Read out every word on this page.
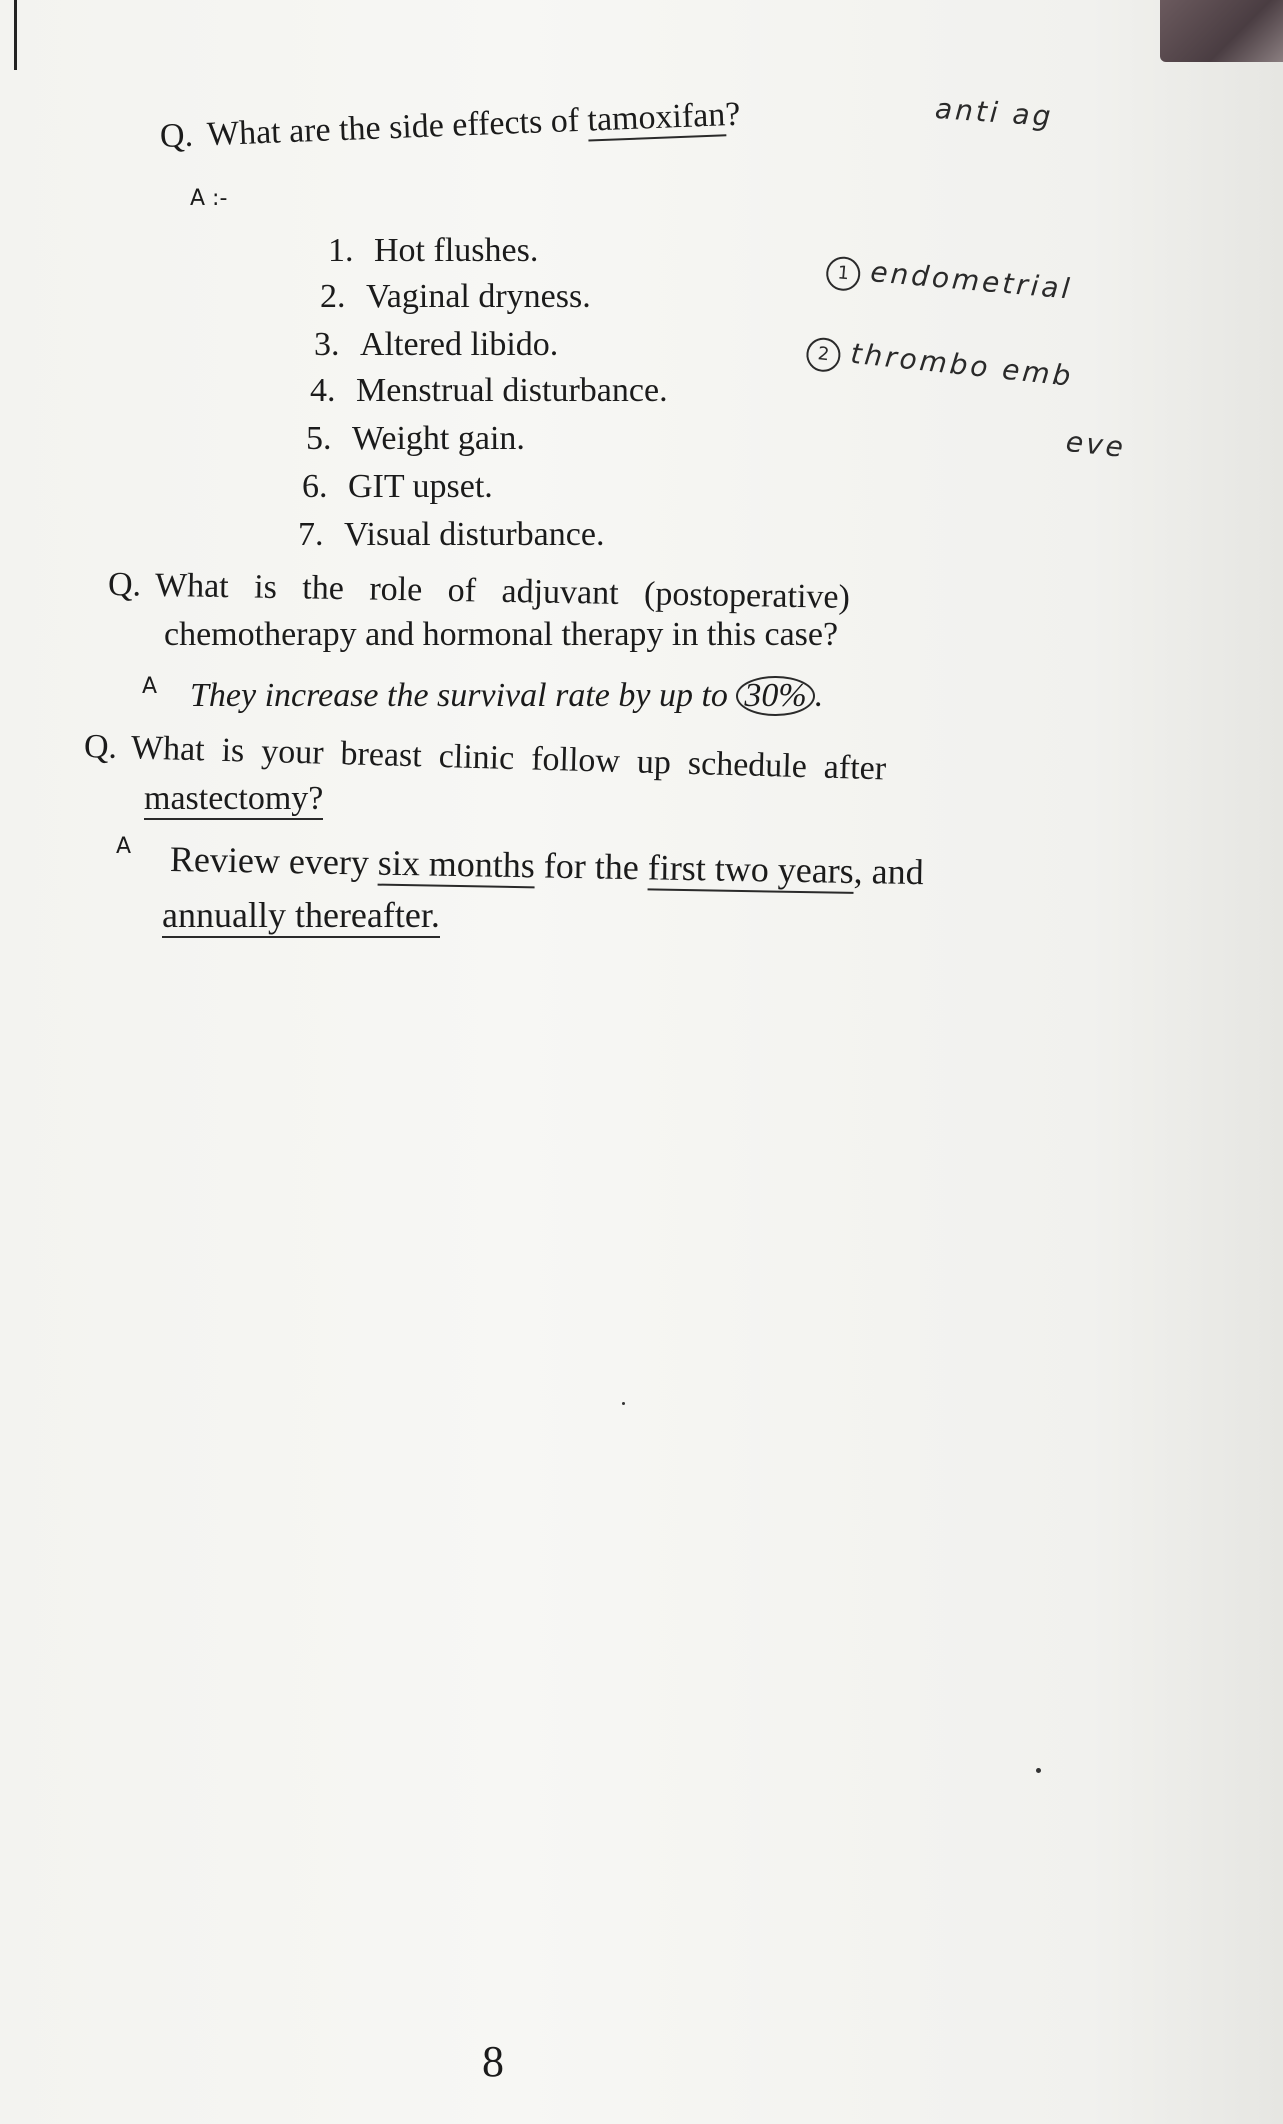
Q. What are the side effects of tamoxifan?
A :-
1. Hot flushes.
2. Vaginal dryness.
3. Altered libido.
4. Menstrual disturbance.
5. Weight gain.
6. GIT upset.
7. Visual disturbance.
anti ag
1 endometrial
2 thrombo emb
eve
Q. What   is   the   role   of   adjuvant   (postoperative)
chemotherapy and hormonal therapy in this case?
A They increase the survival rate by up to 30% .
Q. What  is  your  breast  clinic  follow  up  schedule  after
mastectomy?
A Review every six months for the first two years, and
annually thereafter.
8
